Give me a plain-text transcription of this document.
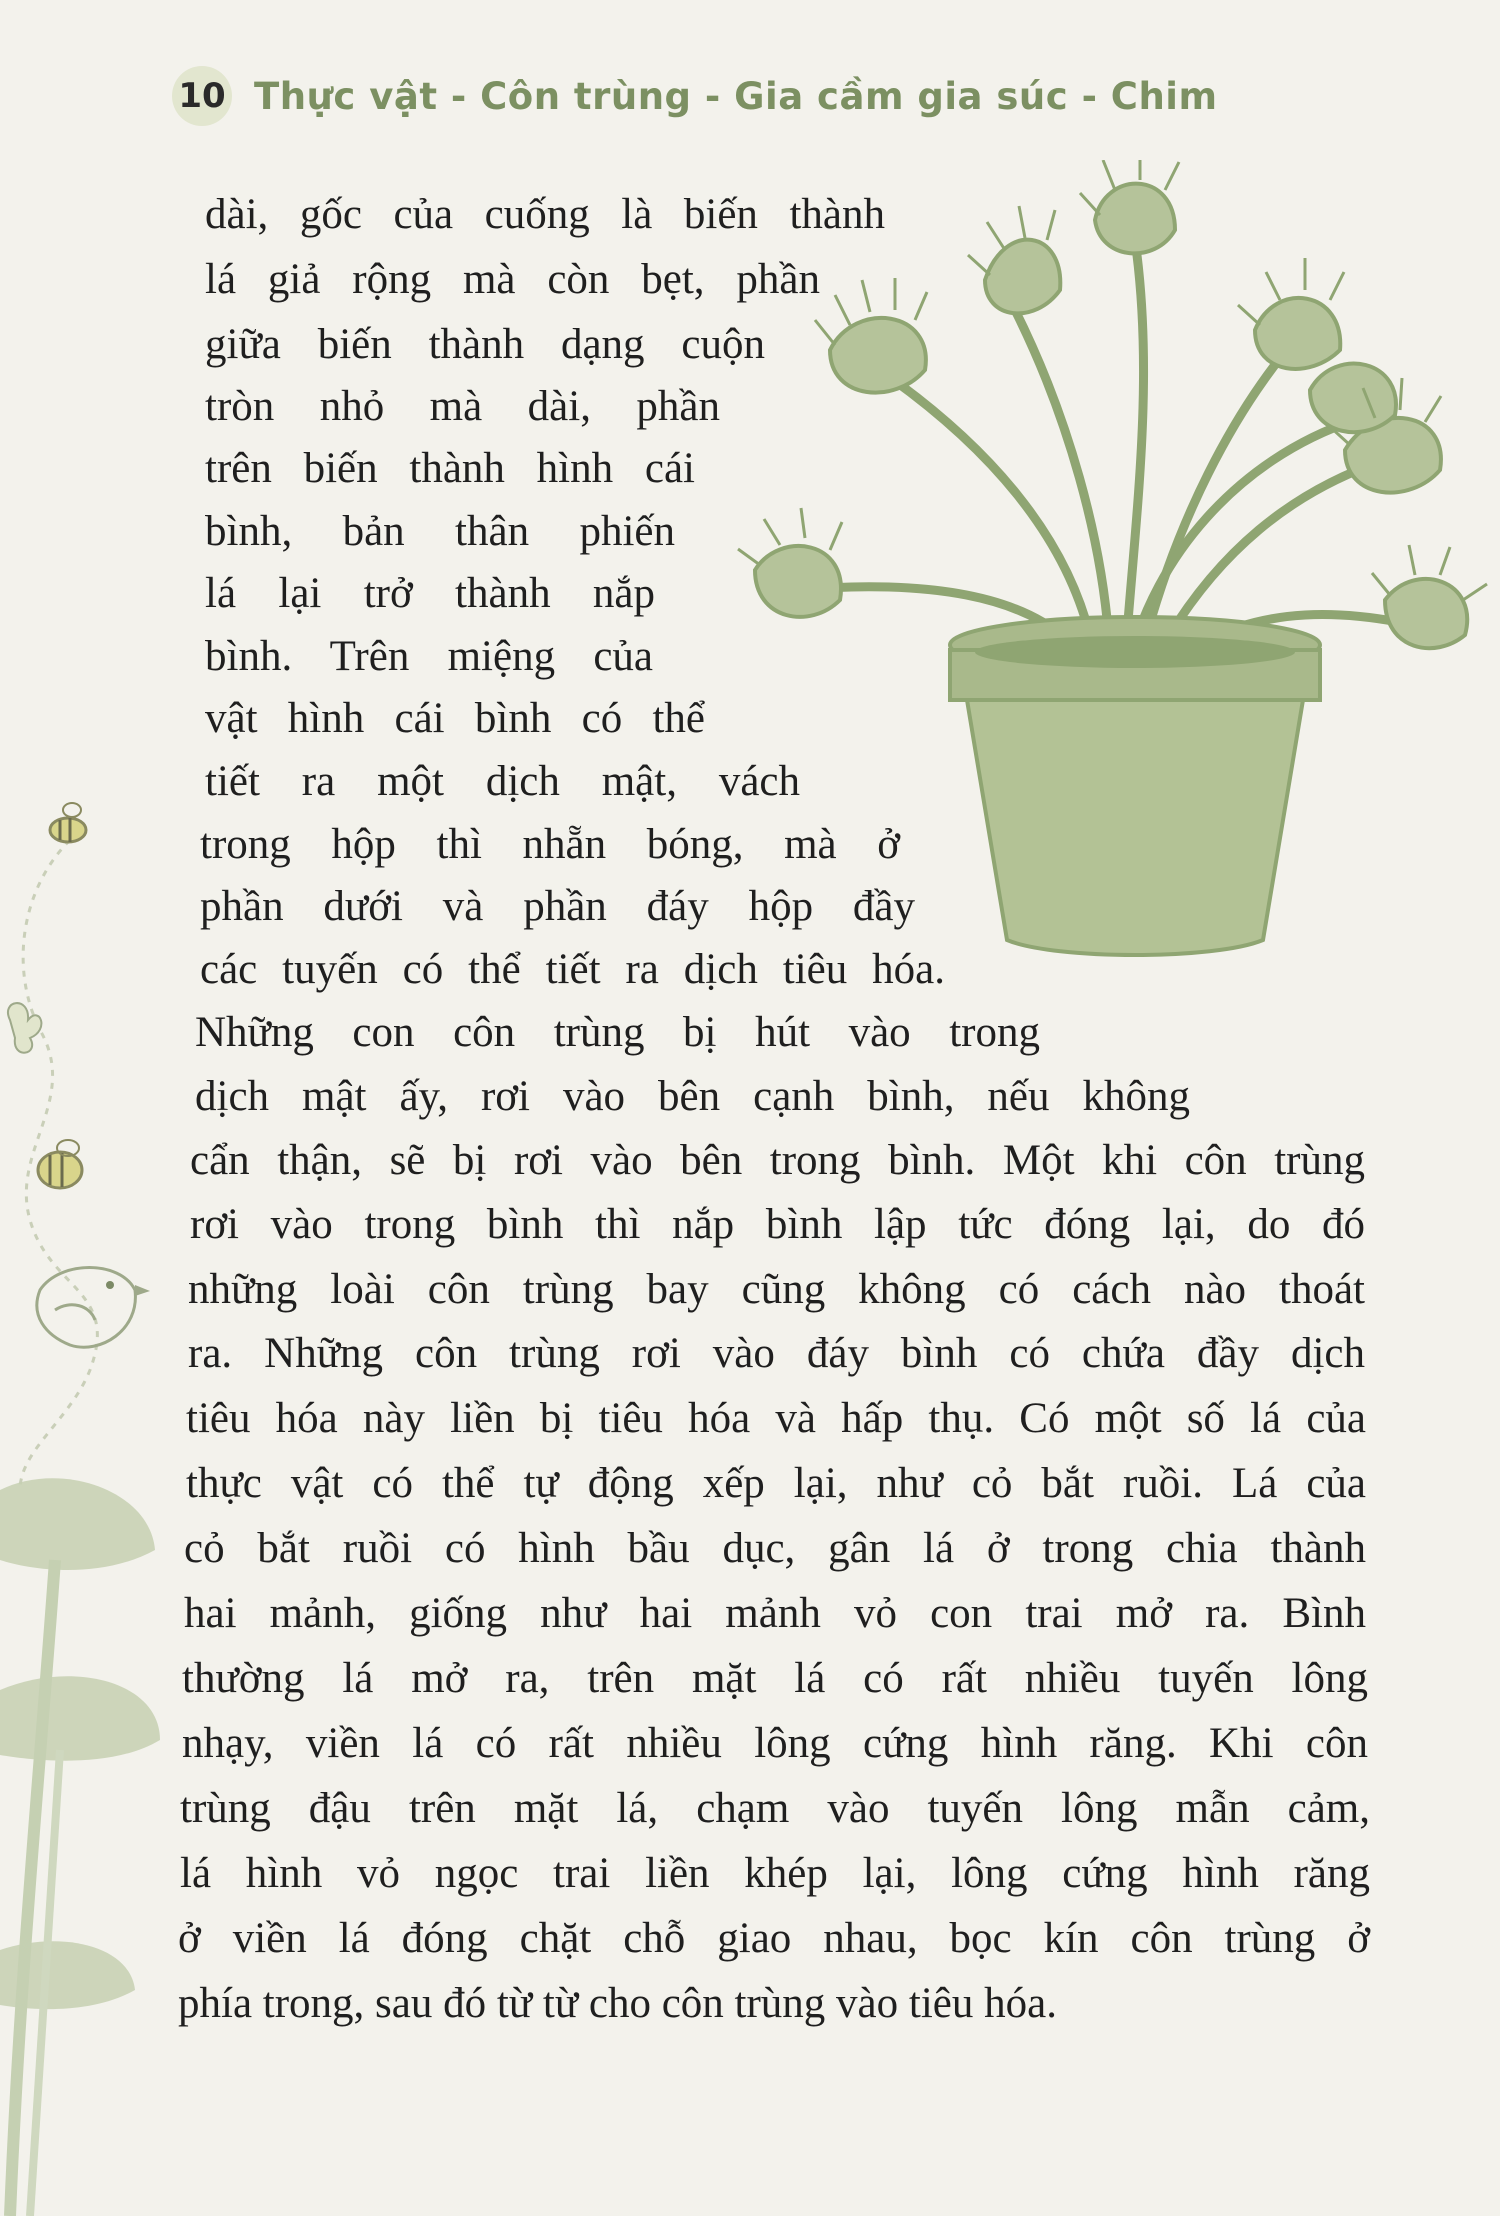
10 Thực vật - Côn trùng - Gia cầm gia súc - Chim
dài, gốc của cuống là biến thành
lá giả rộng mà còn bẹt, phần
giữa biến thành dạng cuộn
tròn nhỏ mà dài, phần
trên biến thành hình cái
bình, bản thân phiến
lá lại trở thành nắp
bình. Trên miệng của
vật hình cái bình có thể
tiết ra một dịch mật, vách
trong hộp thì nhẵn bóng, mà ở
phần dưới và phần đáy hộp đầy
các tuyến có thể tiết ra dịch tiêu hóa.
Những con côn trùng bị hút vào trong
dịch mật ấy, rơi vào bên cạnh bình, nếu không
cẩn thận, sẽ bị rơi vào bên trong bình. Một khi côn trùng
rơi vào trong bình thì nắp bình lập tức đóng lại, do đó
những loài côn trùng bay cũng không có cách nào thoát
ra. Những côn trùng rơi vào đáy bình có chứa đầy dịch
tiêu hóa này liền bị tiêu hóa và hấp thụ. Có một số lá của
thực vật có thể tự động xếp lại, như cỏ bắt ruồi. Lá của
cỏ bắt ruồi có hình bầu dục, gân lá ở trong chia thành
hai mảnh, giống như hai mảnh vỏ con trai mở ra. Bình
thường lá mở ra, trên mặt lá có rất nhiều tuyến lông
nhạy, viền lá có rất nhiều lông cứng hình răng. Khi côn
trùng đậu trên mặt lá, chạm vào tuyến lông mẫn cảm,
lá hình vỏ ngọc trai liền khép lại, lông cứng hình răng
ở viền lá đóng chặt chỗ giao nhau, bọc kín côn trùng ở
phía trong, sau đó từ từ cho côn trùng vào tiêu hóa.
